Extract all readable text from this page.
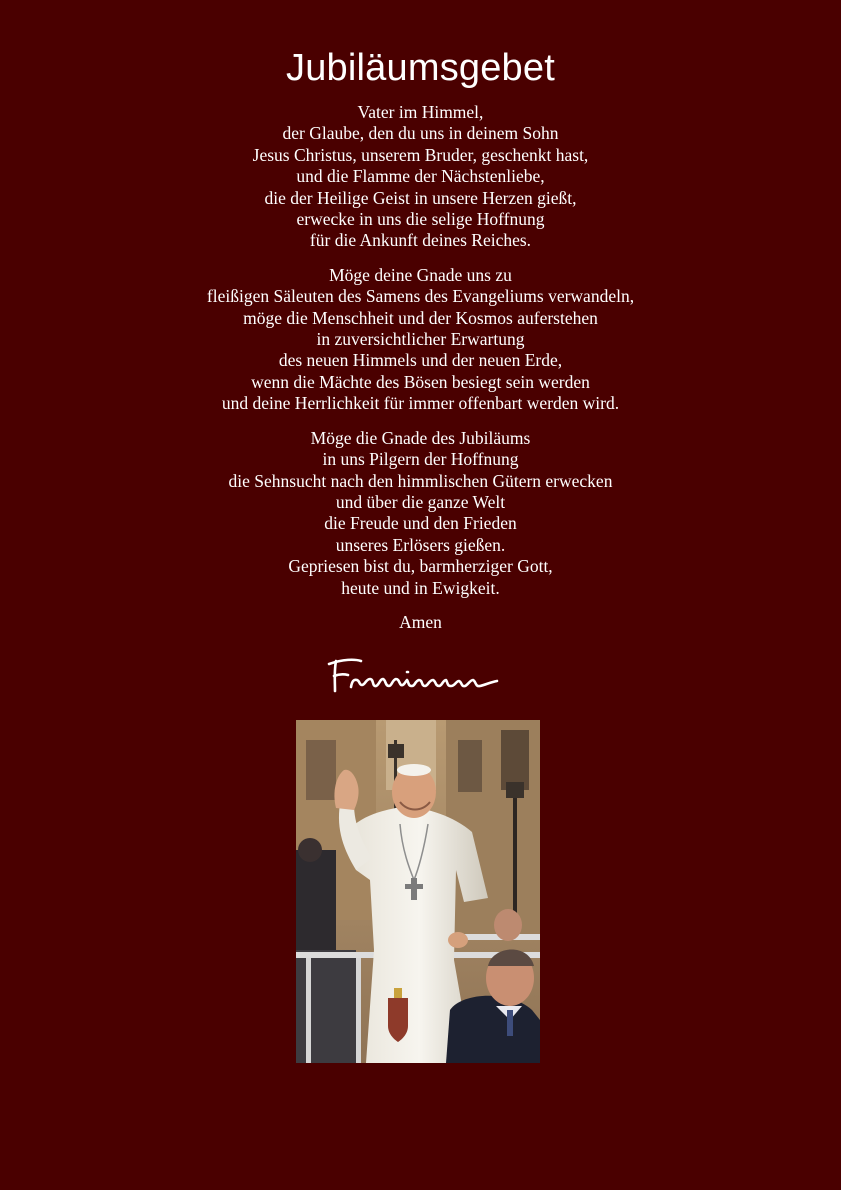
Jubiläumsgebet
Vater im Himmel,
der Glaube, den du uns in deinem Sohn
Jesus Christus, unserem Bruder, geschenkt hast,
und die Flamme der Nächstenliebe,
die der Heilige Geist in unsere Herzen gießt,
erwecke in uns die selige Hoffnung
für die Ankunft deines Reiches.
Möge deine Gnade uns zu
fleißigen Säleuten des Samens des Evangeliums verwandeln,
möge die Menschheit und der Kosmos auferstehen
in zuversichtlicher Erwartung
des neuen Himmels und der neuen Erde,
wenn die Mächte des Bösen besiegt sein werden
und deine Herrlichkeit für immer offenbart werden wird.
Möge die Gnade des Jubiläums
in uns Pilgern der Hoffnung
die Sehnsucht nach den himmlischen Gütern erwecken
und über die ganze Welt
die Freude und den Frieden
unseres Erlösers gießen.
Gepriesen bist du, barmherziger Gott,
heute und in Ewigkeit.
Amen
